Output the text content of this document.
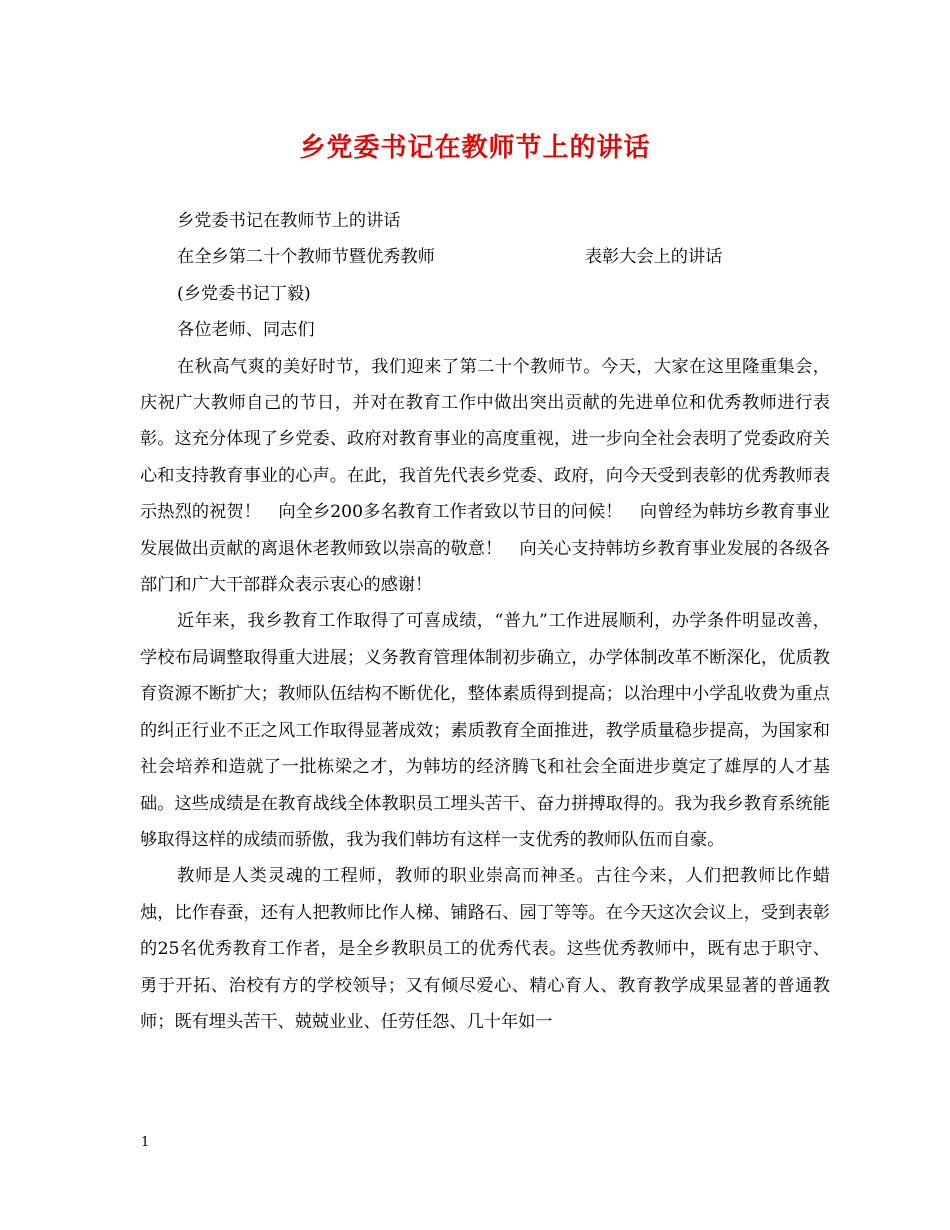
乡党委书记在教师节上的讲话
乡党委书记在教师节上的讲话
在全乡第二十个教师节暨优秀教师	表彰大会上的讲话
(乡党委书记丁毅)
各位老师、同志们

在秋高气爽的美好时节，我们迎来了第二十个教师节。今天，大家在这里隆重集会，庆祝广大教师自己的节日，并对在教育工作中做出突出贡献的先进单位和优秀教师进行表彰。这充分体现了乡党委、政府对教育事业的高度重视，进一步向全社会表明了党委政府关心和支持教育事业的心声。在此，我首先代表乡党委、政府，向今天受到表彰的优秀教师表示热烈的祝贺！　向全乡200多名教育工作者致以节日的问候！　向曾经为韩坊乡教育事业发展做出贡献的离退休老教师致以崇高的敬意！　向关心支持韩坊乡教育事业发展的各级各部门和广大干部群众表示衷心的感谢！

近年来，我乡教育工作取得了可喜成绩，“普九”工作进展顺利，办学条件明显改善，学校布局调整取得重大进展；义务教育管理体制初步确立，办学体制改革不断深化，优质教育资源不断扩大；教师队伍结构不断优化，整体素质得到提高；以治理中小学乱收费为重点的纠正行业不正之风工作取得显著成效；素质教育全面推进，教学质量稳步提高，为国家和社会培养和造就了一批栋梁之才，为韩坊的经济腾飞和社会全面进步奠定了雄厚的人才基础。这些成绩是在教育战线全体教职员工埋头苦干、奋力拼搏取得的。我为我乡教育系统能够取得这样的成绩而骄傲，我为我们韩坊有这样一支优秀的教师队伍而自豪。

教师是人类灵魂的工程师，教师的职业崇高而神圣。古往今来，人们把教师比作蜡烛，比作春蚕，还有人把教师比作人梯、铺路石、园丁等等。在今天这次会议上，受到表彰的25名优秀教育工作者，是全乡教职员工的优秀代表。这些优秀教师中，既有忠于职守、勇于开拓、治校有方的学校领导；又有倾尽爱心、精心育人、教育教学成果显著的普通教师；既有埋头苦干、兢兢业业、任劳任怨、几十年如一

1
